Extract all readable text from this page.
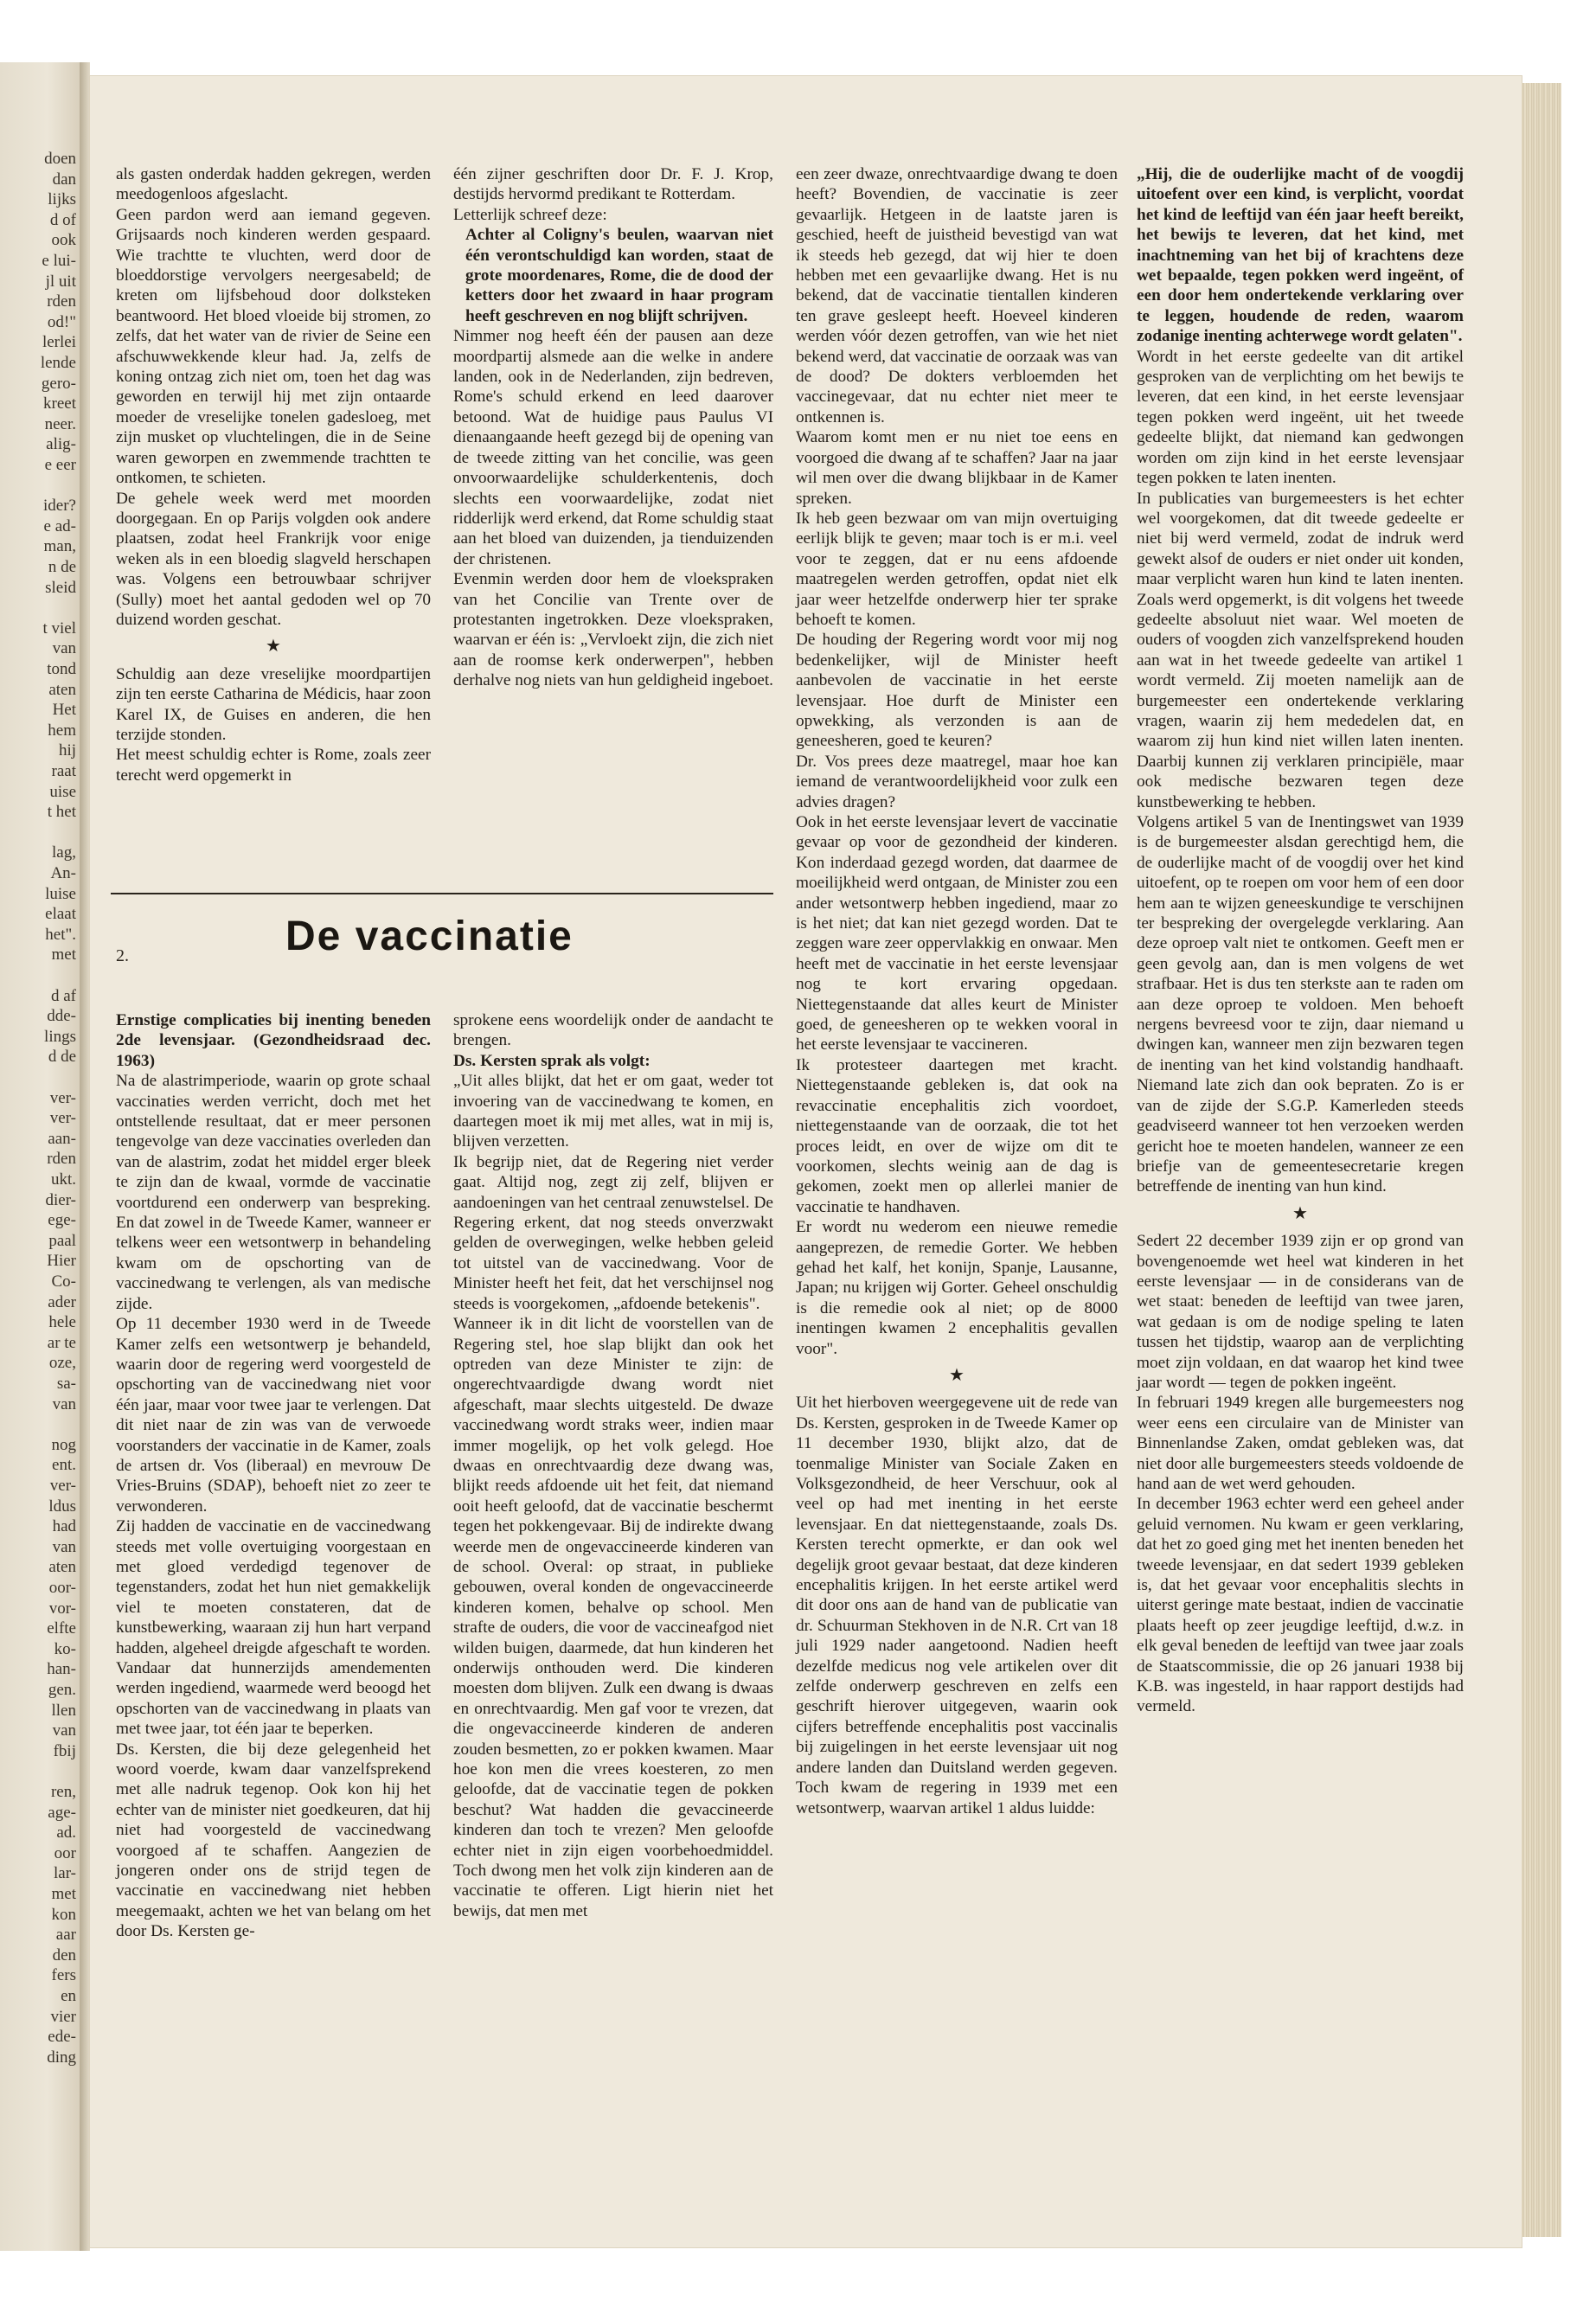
doen
dan
lijks
d of
ook
e lui-
jl uit
rden
od!"
lerlei
lende
gero-
kreet
neer.
alig-
e eer
ider?
e ad-
man,
n de
sleid
t viel
van
tond
aten
Het
hem
hij
raat
uise
t het
lag,
An-
luise
elaat
het".
met
d af
dde-
lings
d de
ver-
ver-
aan-
rden
ukt.
dier-
ege-
paal
Hier
Co-
ader
hele
ar te
oze,
sa-
van
nog
ent.
ver-
ldus
had
van
aten
oor-
vor-
elfte
ko-
han-
gen.
llen
van
fbij
ren,
age-
ad.
oor
lar-
met
kon
aar
den
fers
en
vier
ede-
ding

als gasten onderdak hadden gekregen, werden meedogenloos afgeslacht.

Geen pardon werd aan iemand gegeven. Grijsaards noch kinderen werden gespaard. Wie trachtte te vluchten, werd door de bloeddorstige vervolgers neergesabeld; de kreten om lijfsbehoud door dolksteken beantwoord. Het bloed vloeide bij stromen, zo zelfs, dat het water van de rivier de Seine een afschuwwekkende kleur had. Ja, zelfs de koning ontzag zich niet om, toen het dag was geworden en terwijl hij met zijn ontaarde moeder de vreselijke tonelen gadesloeg, met zijn musket op vluchtelingen, die in de Seine waren geworpen en zwemmende trachtten te ontkomen, te schieten.

De gehele week werd met moorden doorgegaan. En op Parijs volgden ook andere plaatsen, zodat heel Frankrijk voor enige weken als in een bloedig slagveld herschapen was. Volgens een betrouwbaar schrijver (Sully) moet het aantal gedoden wel op 70 duizend worden geschat.

★

Schuldig aan deze vreselijke moordpartijen zijn ten eerste Catharina de Médicis, haar zoon Karel IX, de Guises en anderen, die hen terzijde stonden.

Het meest schuldig echter is Rome, zoals zeer terecht werd opgemerkt in

één zijner geschriften door Dr. F. J. Krop, destijds hervormd predikant te Rotterdam.

Letterlijk schreef deze:

Achter al Coligny's beulen, waarvan niet één verontschuldigd kan worden, staat de grote moordenares, Rome, die de dood der ketters door het zwaard in haar program heeft geschreven en nog blijft schrijven.

Nimmer nog heeft één der pausen aan deze moordpartij alsmede aan die welke in andere landen, ook in de Nederlanden, zijn bedreven, Rome's schuld erkend en leed daarover betoond. Wat de huidige paus Paulus VI dienaangaande heeft gezegd bij de opening van de tweede zitting van het concilie, was geen onvoorwaardelijke schulderkentenis, doch slechts een voorwaardelijke, zodat niet ridderlijk werd erkend, dat Rome schuldig staat aan het bloed van duizenden, ja tienduizenden der christenen.

Evenmin werden door hem de vloekspraken van het Concilie van Trente over de protestanten ingetrokken. Deze vloekspraken, waarvan er één is: „Vervloekt zijn, die zich niet aan de roomse kerk onderwerpen", hebben derhalve nog niets van hun geldigheid ingeboet.

2.	De vaccinatie

Ernstige complicaties bij inenting beneden 2de levensjaar. (Gezondheidsraad dec. 1963)

Na de alastrimperiode, waarin op grote schaal vaccinaties werden verricht, doch met het ontstellende resultaat, dat er meer personen tengevolge van deze vaccinaties overleden dan van de alastrim, zodat het middel erger bleek te zijn dan de kwaal, vormde de vaccinatie voortdurend een onderwerp van bespreking. En dat zowel in de Tweede Kamer, wanneer er telkens weer een wetsontwerp in behandeling kwam om de opschorting van de vaccinedwang te verlengen, als van medische zijde.

Op 11 december 1930 werd in de Tweede Kamer zelfs een wetsontwerp je behandeld, waarin door de regering werd voorgesteld de opschorting van de vaccinedwang niet voor één jaar, maar voor twee jaar te verlengen. Dat dit niet naar de zin was van de verwoede voorstanders der vaccinatie in de Kamer, zoals de artsen dr. Vos (liberaal) en mevrouw De Vries-Bruins (SDAP), behoeft niet zo zeer te verwonderen.

Zij hadden de vaccinatie en de vaccinedwang steeds met volle overtuiging voorgestaan en met gloed verdedigd tegenover de tegenstanders, zodat het hun niet gemakkelijk viel te moeten constateren, dat de kunstbewerking, waaraan zij hun hart verpand hadden, algeheel dreigde afgeschaft te worden. Vandaar dat hunnerzijds amendementen werden ingediend, waarmede werd beoogd het opschorten van de vaccinedwang in plaats van met twee jaar, tot één jaar te beperken.

Ds. Kersten, die bij deze gelegenheid het woord voerde, kwam daar vanzelfsprekend met alle nadruk tegenop. Ook kon hij het echter van de minister niet goedkeuren, dat hij niet had voorgesteld de vaccinedwang voorgoed af te schaffen. Aangezien de jongeren onder ons de strijd tegen de vaccinatie en vaccinedwang niet hebben meegemaakt, achten we het van belang om het door Ds. Kersten ge-

sprokene eens woordelijk onder de aandacht te brengen.

Ds. Kersten sprak als volgt:

„Uit alles blijkt, dat het er om gaat, weder tot invoering van de vaccinedwang te komen, en daartegen moet ik mij met alles, wat in mij is, blijven verzetten.

Ik begrijp niet, dat de Regering niet verder gaat. Altijd nog, zegt zij zelf, blijven er aandoeningen van het centraal zenuwstelsel. De Regering erkent, dat nog steeds onverzwakt gelden de overwegingen, welke hebben geleid tot uitstel van de vaccinedwang. Voor de Minister heeft het feit, dat het verschijnsel nog steeds is voorgekomen, „afdoende betekenis".

Wanneer ik in dit licht de voorstellen van de Regering stel, hoe slap blijkt dan ook het optreden van deze Minister te zijn: de ongerechtvaardigde dwang wordt niet afgeschaft, maar slechts uitgesteld. De dwaze vaccinedwang wordt straks weer, indien maar immer mogelijk, op het volk gelegd. Hoe dwaas en onrechtvaardig deze dwang was, blijkt reeds afdoende uit het feit, dat niemand ooit heeft geloofd, dat de vaccinatie beschermt tegen het pokkengevaar. Bij de indirekte dwang weerde men de ongevaccineerde kinderen van de school. Overal: op straat, in publieke gebouwen, overal konden de ongevaccineerde kinderen komen, behalve op school. Men strafte de ouders, die voor de vaccineafgod niet wilden buigen, daarmede, dat hun kinderen het onderwijs onthouden werd. Die kinderen moesten dom blijven. Zulk een dwang is dwaas en onrechtvaardig. Men gaf voor te vrezen, dat die ongevaccineerde kinderen de anderen zouden besmetten, zo er pokken kwamen. Maar hoe kon men die vrees koesteren, zo men geloofde, dat de vaccinatie tegen de pokken beschut? Wat hadden die gevaccineerde kinderen dan toch te vrezen? Men geloofde echter niet in zijn eigen voorbehoedmiddel. Toch dwong men het volk zijn kinderen aan de vaccinatie te offeren. Ligt hierin niet het bewijs, dat men met

een zeer dwaze, onrechtvaardige dwang te doen heeft? Bovendien, de vaccinatie is zeer gevaarlijk. Hetgeen in de laatste jaren is geschied, heeft de juistheid bevestigd van wat ik steeds heb gezegd, dat wij hier te doen hebben met een gevaarlijke dwang. Het is nu bekend, dat de vaccinatie tientallen kinderen ten grave gesleept heeft. Hoeveel kinderen werden vóór dezen getroffen, van wie het niet bekend werd, dat vaccinatie de oorzaak was van de dood? De dokters verbloemden het vaccinegevaar, dat nu echter niet meer te ontkennen is.

Waarom komt men er nu niet toe eens en voorgoed die dwang af te schaffen? Jaar na jaar wil men over die dwang blijkbaar in de Kamer spreken.

Ik heb geen bezwaar om van mijn overtuiging eerlijk blijk te geven; maar toch is er m.i. veel voor te zeggen, dat er nu eens afdoende maatregelen werden getroffen, opdat niet elk jaar weer hetzelfde onderwerp hier ter sprake behoeft te komen.

De houding der Regering wordt voor mij nog bedenkelijker, wijl de Minister heeft aanbevolen de vaccinatie in het eerste levensjaar. Hoe durft de Minister een opwekking, als verzonden is aan de geneesheren, goed te keuren?

Dr. Vos prees deze maatregel, maar hoe kan iemand de verantwoordelijkheid voor zulk een advies dragen?

Ook in het eerste levensjaar levert de vaccinatie gevaar op voor de gezondheid der kinderen. Kon inderdaad gezegd worden, dat daarmee de moeilijkheid werd ontgaan, de Minister zou een ander wetsontwerp hebben ingediend, maar zo is het niet; dat kan niet gezegd worden. Dat te zeggen ware zeer oppervlakkig en onwaar. Men heeft met de vaccinatie in het eerste levensjaar nog te kort ervaring opgedaan. Niettegenstaande dat alles keurt de Minister goed, de geneesheren op te wekken vooral in het eerste levensjaar te vaccineren.

Ik protesteer daartegen met kracht. Niettegenstaande gebleken is, dat ook na revaccinatie encephalitis zich voordoet, niettegenstaande van de oorzaak, die tot het proces leidt, en over de wijze om dit te voorkomen, slechts weinig aan de dag is gekomen, zoekt men op allerlei manier de vaccinatie te handhaven.

Er wordt nu wederom een nieuwe remedie aangeprezen, de remedie Gorter. We hebben gehad het kalf, het konijn, Spanje, Lausanne, Japan; nu krijgen wij Gorter. Geheel onschuldig is die remedie ook al niet; op de 8000 inentingen kwamen 2 encephalitis gevallen voor".

★

Uit het hierboven weergegevene uit de rede van Ds. Kersten, gesproken in de Tweede Kamer op 11 december 1930, blijkt alzo, dat de toenmalige Minister van Sociale Zaken en Volksgezondheid, de heer Verschuur, ook al veel op had met inenting in het eerste levensjaar. En dat niettegenstaande, zoals Ds. Kersten terecht opmerkte, er dan ook wel degelijk groot gevaar bestaat, dat deze kinderen encephalitis krijgen. In het eerste artikel werd dit door ons aan de hand van de publicatie van dr. Schuurman Stekhoven in de N.R. Crt van 18 juli 1929 nader aangetoond. Nadien heeft dezelfde medicus nog vele artikelen over dit zelfde onderwerp geschreven en zelfs een geschrift hierover uitgegeven, waarin ook cijfers betreffende encephalitis post vaccinalis bij zuigelingen in het eerste levensjaar uit nog andere landen dan Duitsland werden gegeven. Toch kwam de regering in 1939 met een wetsontwerp, waarvan artikel 1 aldus luidde:

„Hij, die de ouderlijke macht of de voogdij uitoefent over een kind, is verplicht, voordat het kind de leeftijd van één jaar heeft bereikt, het bewijs te leveren, dat het kind, met inachtneming van het bij of krachtens deze wet bepaalde, tegen pokken werd ingeënt, of een door hem ondertekende verklaring over te leggen, houdende de reden, waarom zodanige inenting achterwege wordt gelaten".

Wordt in het eerste gedeelte van dit artikel gesproken van de verplichting om het bewijs te leveren, dat een kind, in het eerste levensjaar tegen pokken werd ingeënt, uit het tweede gedeelte blijkt, dat niemand kan gedwongen worden om zijn kind in het eerste levensjaar tegen pokken te laten inenten.

In publicaties van burgemeesters is het echter wel voorgekomen, dat dit tweede gedeelte er niet bij werd vermeld, zodat de indruk werd gewekt alsof de ouders er niet onder uit konden, maar verplicht waren hun kind te laten inenten. Zoals werd opgemerkt, is dit volgens het tweede gedeelte absoluut niet waar. Wel moeten de ouders of voogden zich vanzelfsprekend houden aan wat in het tweede gedeelte van artikel 1 wordt vermeld. Zij moeten namelijk aan de burgemeester een ondertekende verklaring vragen, waarin zij hem mededelen dat, en waarom zij hun kind niet willen laten inenten. Daarbij kunnen zij verklaren principiële, maar ook medische bezwaren tegen deze kunstbewerking te hebben.

Volgens artikel 5 van de Inentingswet van 1939 is de burgemeester alsdan gerechtigd hem, die de ouderlijke macht of de voogdij over het kind uitoefent, op te roepen om voor hem of een door hem aan te wijzen geneeskundige te verschijnen ter bespreking der overgelegde verklaring. Aan deze oproep valt niet te ontkomen. Geeft men er geen gevolg aan, dan is men volgens de wet strafbaar. Het is dus ten sterkste aan te raden om aan deze oproep te voldoen. Men behoeft nergens bevreesd voor te zijn, daar niemand u dwingen kan, wanneer men zijn bezwaren tegen de inenting van het kind volstandig handhaaft. Niemand late zich dan ook bepraten. Zo is er van de zijde der S.G.P. Kamerleden steeds geadviseerd wanneer tot hen verzoeken werden gericht hoe te moeten handelen, wanneer ze een briefje van de gemeentesecretarie kregen betreffende de inenting van hun kind.

★

Sedert 22 december 1939 zijn er op grond van bovengenoemde wet heel wat kinderen in het eerste levensjaar — in de considerans van de wet staat: beneden de leeftijd van twee jaren, wat gedaan is om de nodige speling te laten tussen het tijdstip, waarop aan de verplichting moet zijn voldaan, en dat waarop het kind twee jaar wordt — tegen de pokken ingeënt.

In februari 1949 kregen alle burgemeesters nog weer eens een circulaire van de Minister van Binnenlandse Zaken, omdat gebleken was, dat niet door alle burgemeesters steeds voldoende de hand aan de wet werd gehouden.

In december 1963 echter werd een geheel ander geluid vernomen. Nu kwam er geen verklaring, dat het zo goed ging met het inenten beneden het tweede levensjaar, en dat sedert 1939 gebleken is, dat het gevaar voor encephalitis slechts in uiterst geringe mate bestaat, indien de vaccinatie plaats heeft op zeer jeugdige leeftijd, d.w.z. in elk geval beneden de leeftijd van twee jaar zoals de Staatscommissie, die op 26 januari 1938 bij K.B. was ingesteld, in haar rapport destijds had vermeld.
